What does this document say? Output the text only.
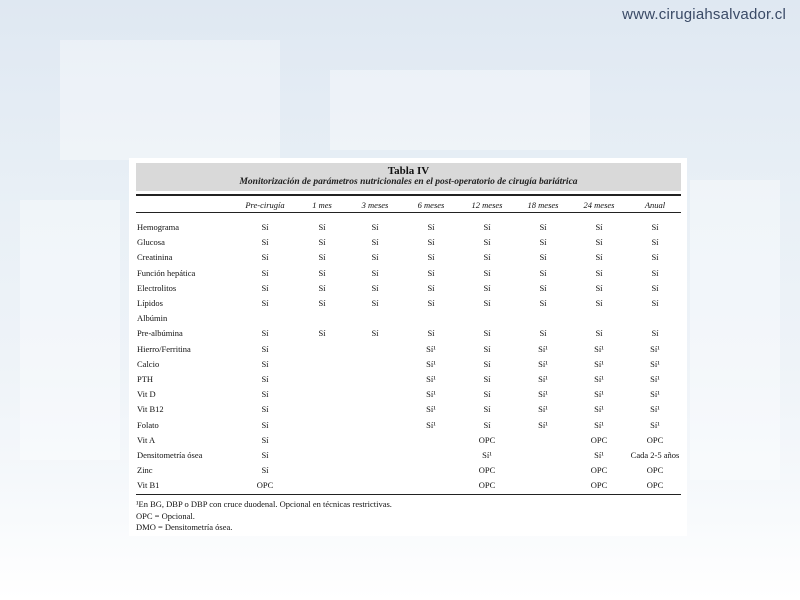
www.cirugiahsalvador.cl
Tabla IV
Monitorización de parámetros nutricionales en el post-operatorio de cirugía bariátrica
	Pre-cirugía	1 mes	3 meses	6 meses	12 meses	18 meses	24 meses	Anual

Hemograma	Sí	Sí	Sí	Sí	Sí	Sí	Sí	Sí
Glucosa	Sí	Sí	Sí	Sí	Sí	Sí	Sí	Sí
Creatinina	Sí	Sí	Sí	Sí	Sí	Sí	Sí	Sí
Función hepática	Sí	Sí	Sí	Sí	Sí	Sí	Sí	Sí
Electrolitos	Sí	Sí	Sí	Sí	Sí	Sí	Sí	Sí
Lípidos	Sí	Sí	Sí	Sí	Sí	Sí	Sí	Sí
Albúmin								
Pre-albúmina	Sí	Sí	Sí	Sí	Sí	Sí	Sí	Sí
Hierro/Ferritina	Sí			Sí¹	Sí	Sí¹	Sí¹	Sí¹
Calcio	Sí			Sí¹	Sí	Sí¹	Sí¹	Sí¹
PTH	Sí			Sí¹	Sí	Sí¹	Sí¹	Sí¹
Vit D	Sí			Sí¹	Sí	Sí¹	Sí¹	Sí¹
Vit B12	Sí			Sí¹	Sí	Sí¹	Sí¹	Sí¹
Folato	Sí			Sí¹	Sí	Sí¹	Sí¹	Sí¹
Vit A	Sí				OPC		OPC	OPC
Densitometría ósea	Sí				Sí¹		Sí¹	Cada 2-5 años
Zinc	Sí				OPC		OPC	OPC
Vit B1	OPC				OPC		OPC	OPC
¹En BG, DBP o DBP con cruce duodenal. Opcional en técnicas restrictivas.
OPC = Opcional.
DMO = Densitometría ósea.
